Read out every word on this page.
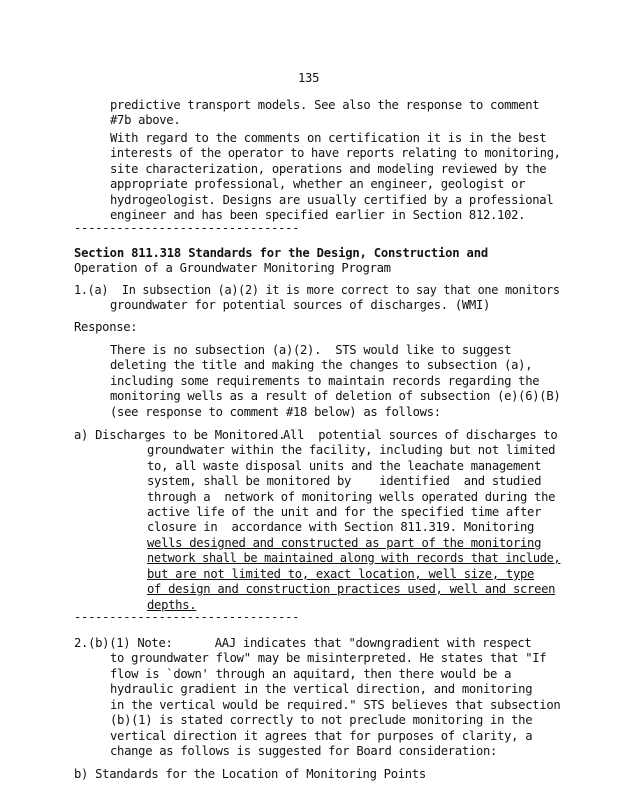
135
predictive transport models. See also the response to comment
#7b above.
With regard to the comments on certification it is in the best
interests of the operator to have reports relating to monitoring,
site characterization, operations and modeling reviewed by the
appropriate professional, whether an engineer, geologist or
hydrogeologist. Designs are usually certified by a professional
engineer and has been specified earlier in Section 812.102.
--------------------------------
Section 811.318 Standards for the Design, Construction and
Operation of a Groundwater Monitoring Program
1.(a)  In subsection (a)(2) it is more correct to say that one monitors
groundwater for potential sources of discharges. (WMI)
Response:
There is no subsection (a)(2).  STS would like to suggest
deleting the title and making the changes to subsection (a),
including some requirements to maintain records regarding the
monitoring wells as a result of deletion of subsection (e)(6)(B)
(see response to comment #18 below) as follows:
a) Discharges to be Monitored.
All  potential sources of discharges to
groundwater within the facility, including but not limited
to, all waste disposal units and the leachate management
system, shall be monitored by    identified  and studied
through a  network of monitoring wells operated during the
active life of the unit and for the specified time after
closure in  accordance with Section 811.319. Monitoring
wells designed and constructed as part of the monitoring
network shall be maintained along with records that include,
but are not limited to, exact location, well size, type
of design and construction practices used, well and screen
depths.
--------------------------------
2.(b)(1) Note:      AAJ indicates that "downgradient with respect
to groundwater flow" may be misinterpreted. He states that "If
flow is `down' through an aquitard, then there would be a
hydraulic gradient in the vertical direction, and monitoring
in the vertical would be required." STS believes that subsection
(b)(1) is stated correctly to not preclude monitoring in the
vertical direction it agrees that for purposes of clarity, a
change as follows is suggested for Board consideration:
b) Standards for the Location of Monitoring Points
